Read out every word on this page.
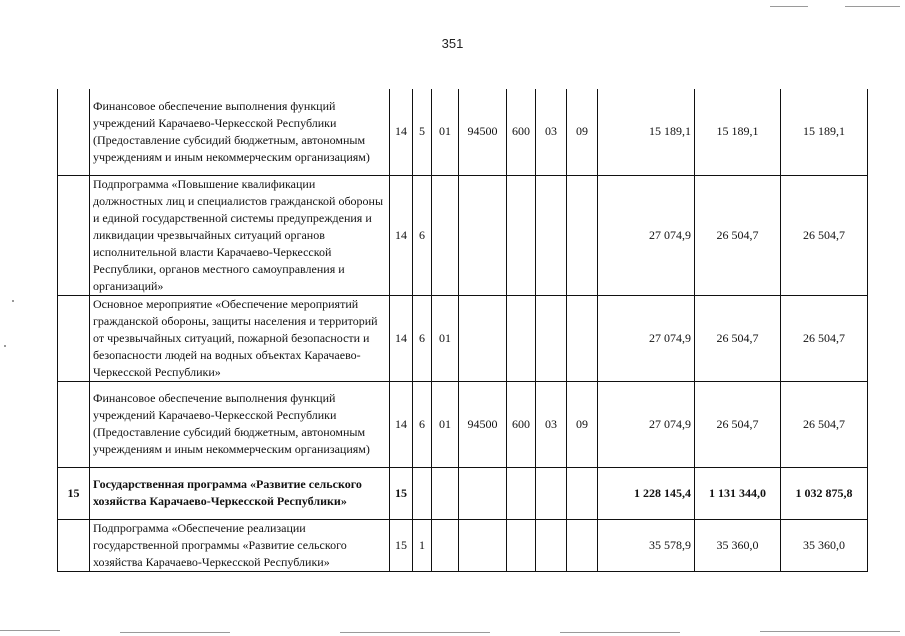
351
	Финансовое обеспечение выполнения функций учреждений Карачаево-Черкесской Республики (Предоставление субсидий бюджетным, автономным учреждениям и иным некоммерческим организациям)	14	5	01	94500	600	03	09	15 189,1	15 189,1	15 189,1
	Подпрограмма «Повышение квалификации должностных лиц и специалистов гражданской обороны и единой государственной системы предупреждения и ликвидации чрезвычайных ситуаций органов исполнительной власти Карачаево-Черкесской Республики, органов местного самоуправления и организаций»	14	6						27 074,9	26 504,7	26 504,7
	Основное мероприятие «Обеспечение мероприятий гражданской обороны, защиты населения и территорий от чрезвычайных ситуаций, пожарной безопасности и безопасности людей на водных объектах Карачаево-Черкесской Республики»	14	6	01					27 074,9	26 504,7	26 504,7
	Финансовое обеспечение выполнения функций учреждений Карачаево-Черкесской Республики (Предоставление субсидий бюджетным, автономным учреждениям и иным некоммерческим организациям)	14	6	01	94500	600	03	09	27 074,9	26 504,7	26 504,7
15	Государственная программа «Развитие сельского хозяйства Карачаево-Черкесской Республики»	15							1 228 145,4	1 131 344,0	1 032 875,8
	Подпрограмма «Обеспечение реализации государственной программы «Развитие сельского хозяйства Карачаево-Черкесской Республики»	15	1						35 578,9	35 360,0	35 360,0
